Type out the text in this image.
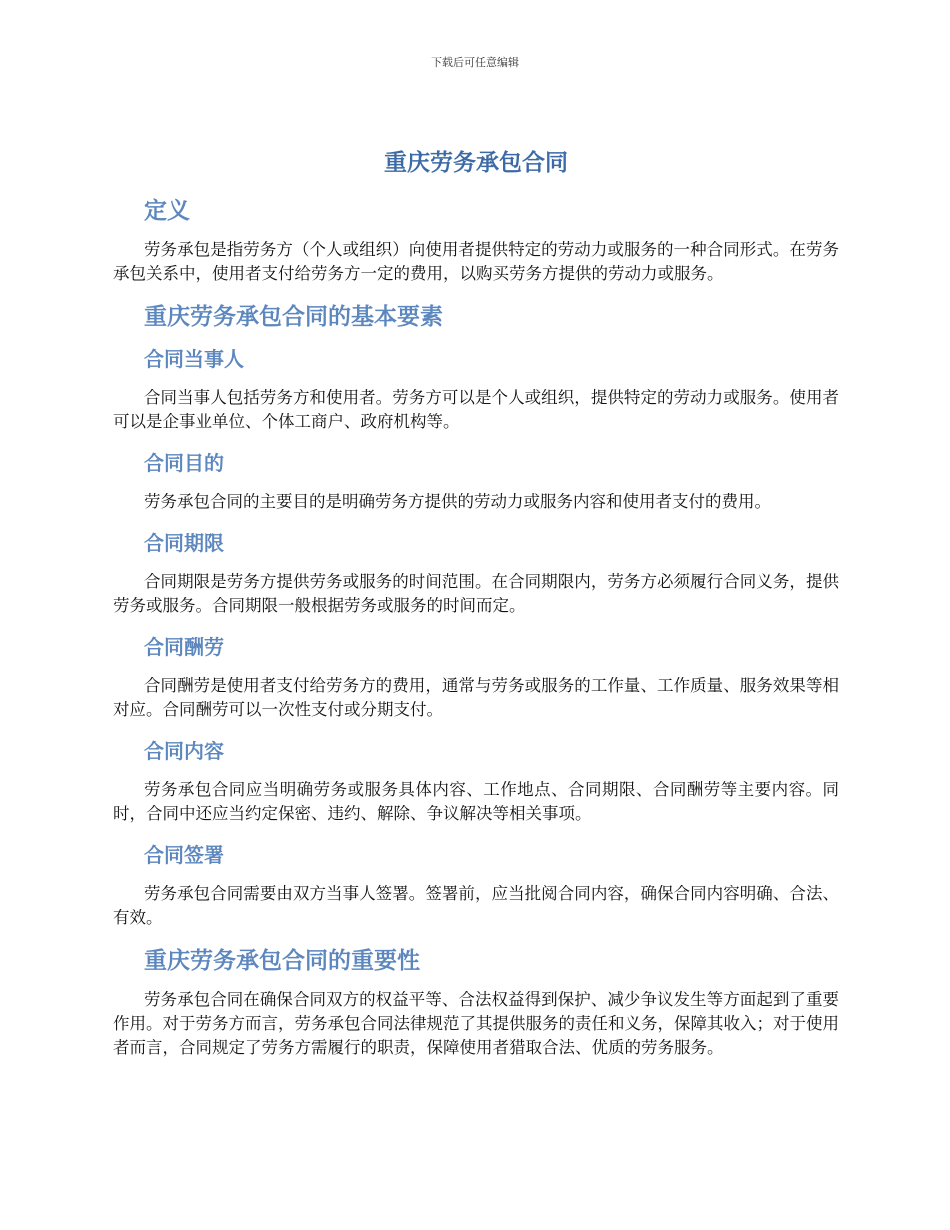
下载后可任意编辑
重庆劳务承包合同
定义

劳务承包是指劳务方（个人或组织）向使用者提供特定的劳动力或服务的一种合同形式。在劳务承包关系中，使用者支付给劳务方一定的费用，以购买劳务方提供的劳动力或服务。

重庆劳务承包合同的基本要素
合同当事人

合同当事人包括劳务方和使用者。劳务方可以是个人或组织，提供特定的劳动力或服务。使用者可以是企事业单位、个体工商户、政府机构等。

合同目的

劳务承包合同的主要目的是明确劳务方提供的劳动力或服务内容和使用者支付的费用。

合同期限

合同期限是劳务方提供劳务或服务的时间范围。在合同期限内，劳务方必须履行合同义务，提供劳务或服务。合同期限一般根据劳务或服务的时间而定。

合同酬劳

合同酬劳是使用者支付给劳务方的费用，通常与劳务或服务的工作量、工作质量、服务效果等相对应。合同酬劳可以一次性支付或分期支付。

合同内容

劳务承包合同应当明确劳务或服务具体内容、工作地点、合同期限、合同酬劳等主要内容。同时，合同中还应当约定保密、违约、解除、争议解决等相关事项。

合同签署

劳务承包合同需要由双方当事人签署。签署前，应当批阅合同内容，确保合同内容明确、合法、有效。

重庆劳务承包合同的重要性

劳务承包合同在确保合同双方的权益平等、合法权益得到保护、减少争议发生等方面起到了重要作用。对于劳务方而言，劳务承包合同法律规范了其提供服务的责任和义务，保障其收入；对于使用者而言，合同规定了劳务方需履行的职责，保障使用者猎取合法、优质的劳务服务。
